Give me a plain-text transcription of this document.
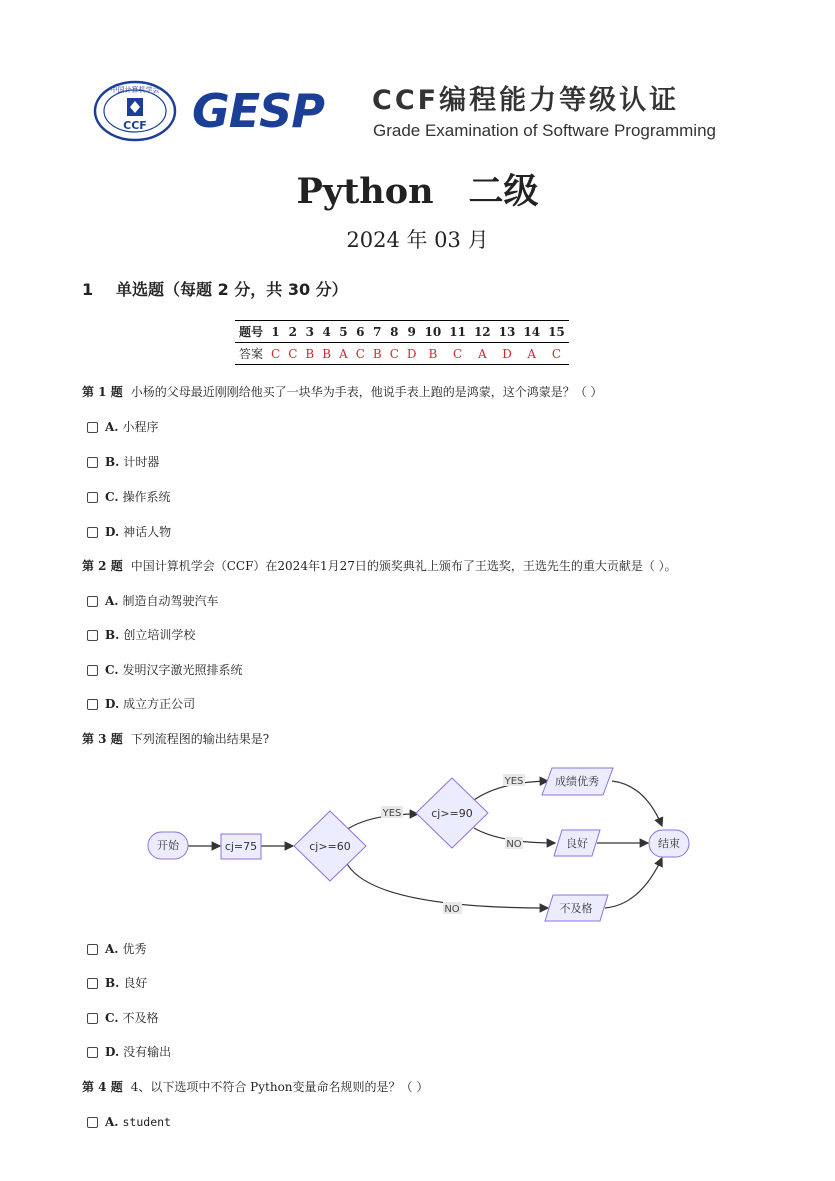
中国计算机学会
CCF GESP CCF编程能力等级认证
Grade Examination of Software Programming
Python　二级
2024 年 03 月
1 单选题（每题 2 分，共 30 分）
题号	1	2	3	4	5	6	7	8	9	10	11	12	13	14	15
答案	C	C	B	B	A	C	B	C	D	B	C	A	D	A	C
第 1 题 小杨的父母最近刚刚给他买了一块华为手表，他说手表上跑的是鸿蒙，这个鸿蒙是？（ ）
A. 小程序
B. 计时器
C. 操作系统
D. 神话人物
第 2 题 中国计算机学会（CCF）在2024年1月27日的颁奖典礼上颁布了王选奖，王选先生的重大贡献是（ ）。
A. 制造自动驾驶汽车
B. 创立培训学校
C. 发明汉字激光照排系统
D. 成立方正公司
第 3 题 下列流程图的输出结果是?
开始	cj=75	cj>=60
cj>=90
成绩优秀
良好
不及格
结束
YES
YES
NO
NO
A. 优秀
B. 良好
C. 不及格
D. 没有输出
第 4 题 4、以下选项中不符合 Python变量命名规则的是？（ ）
A. student
